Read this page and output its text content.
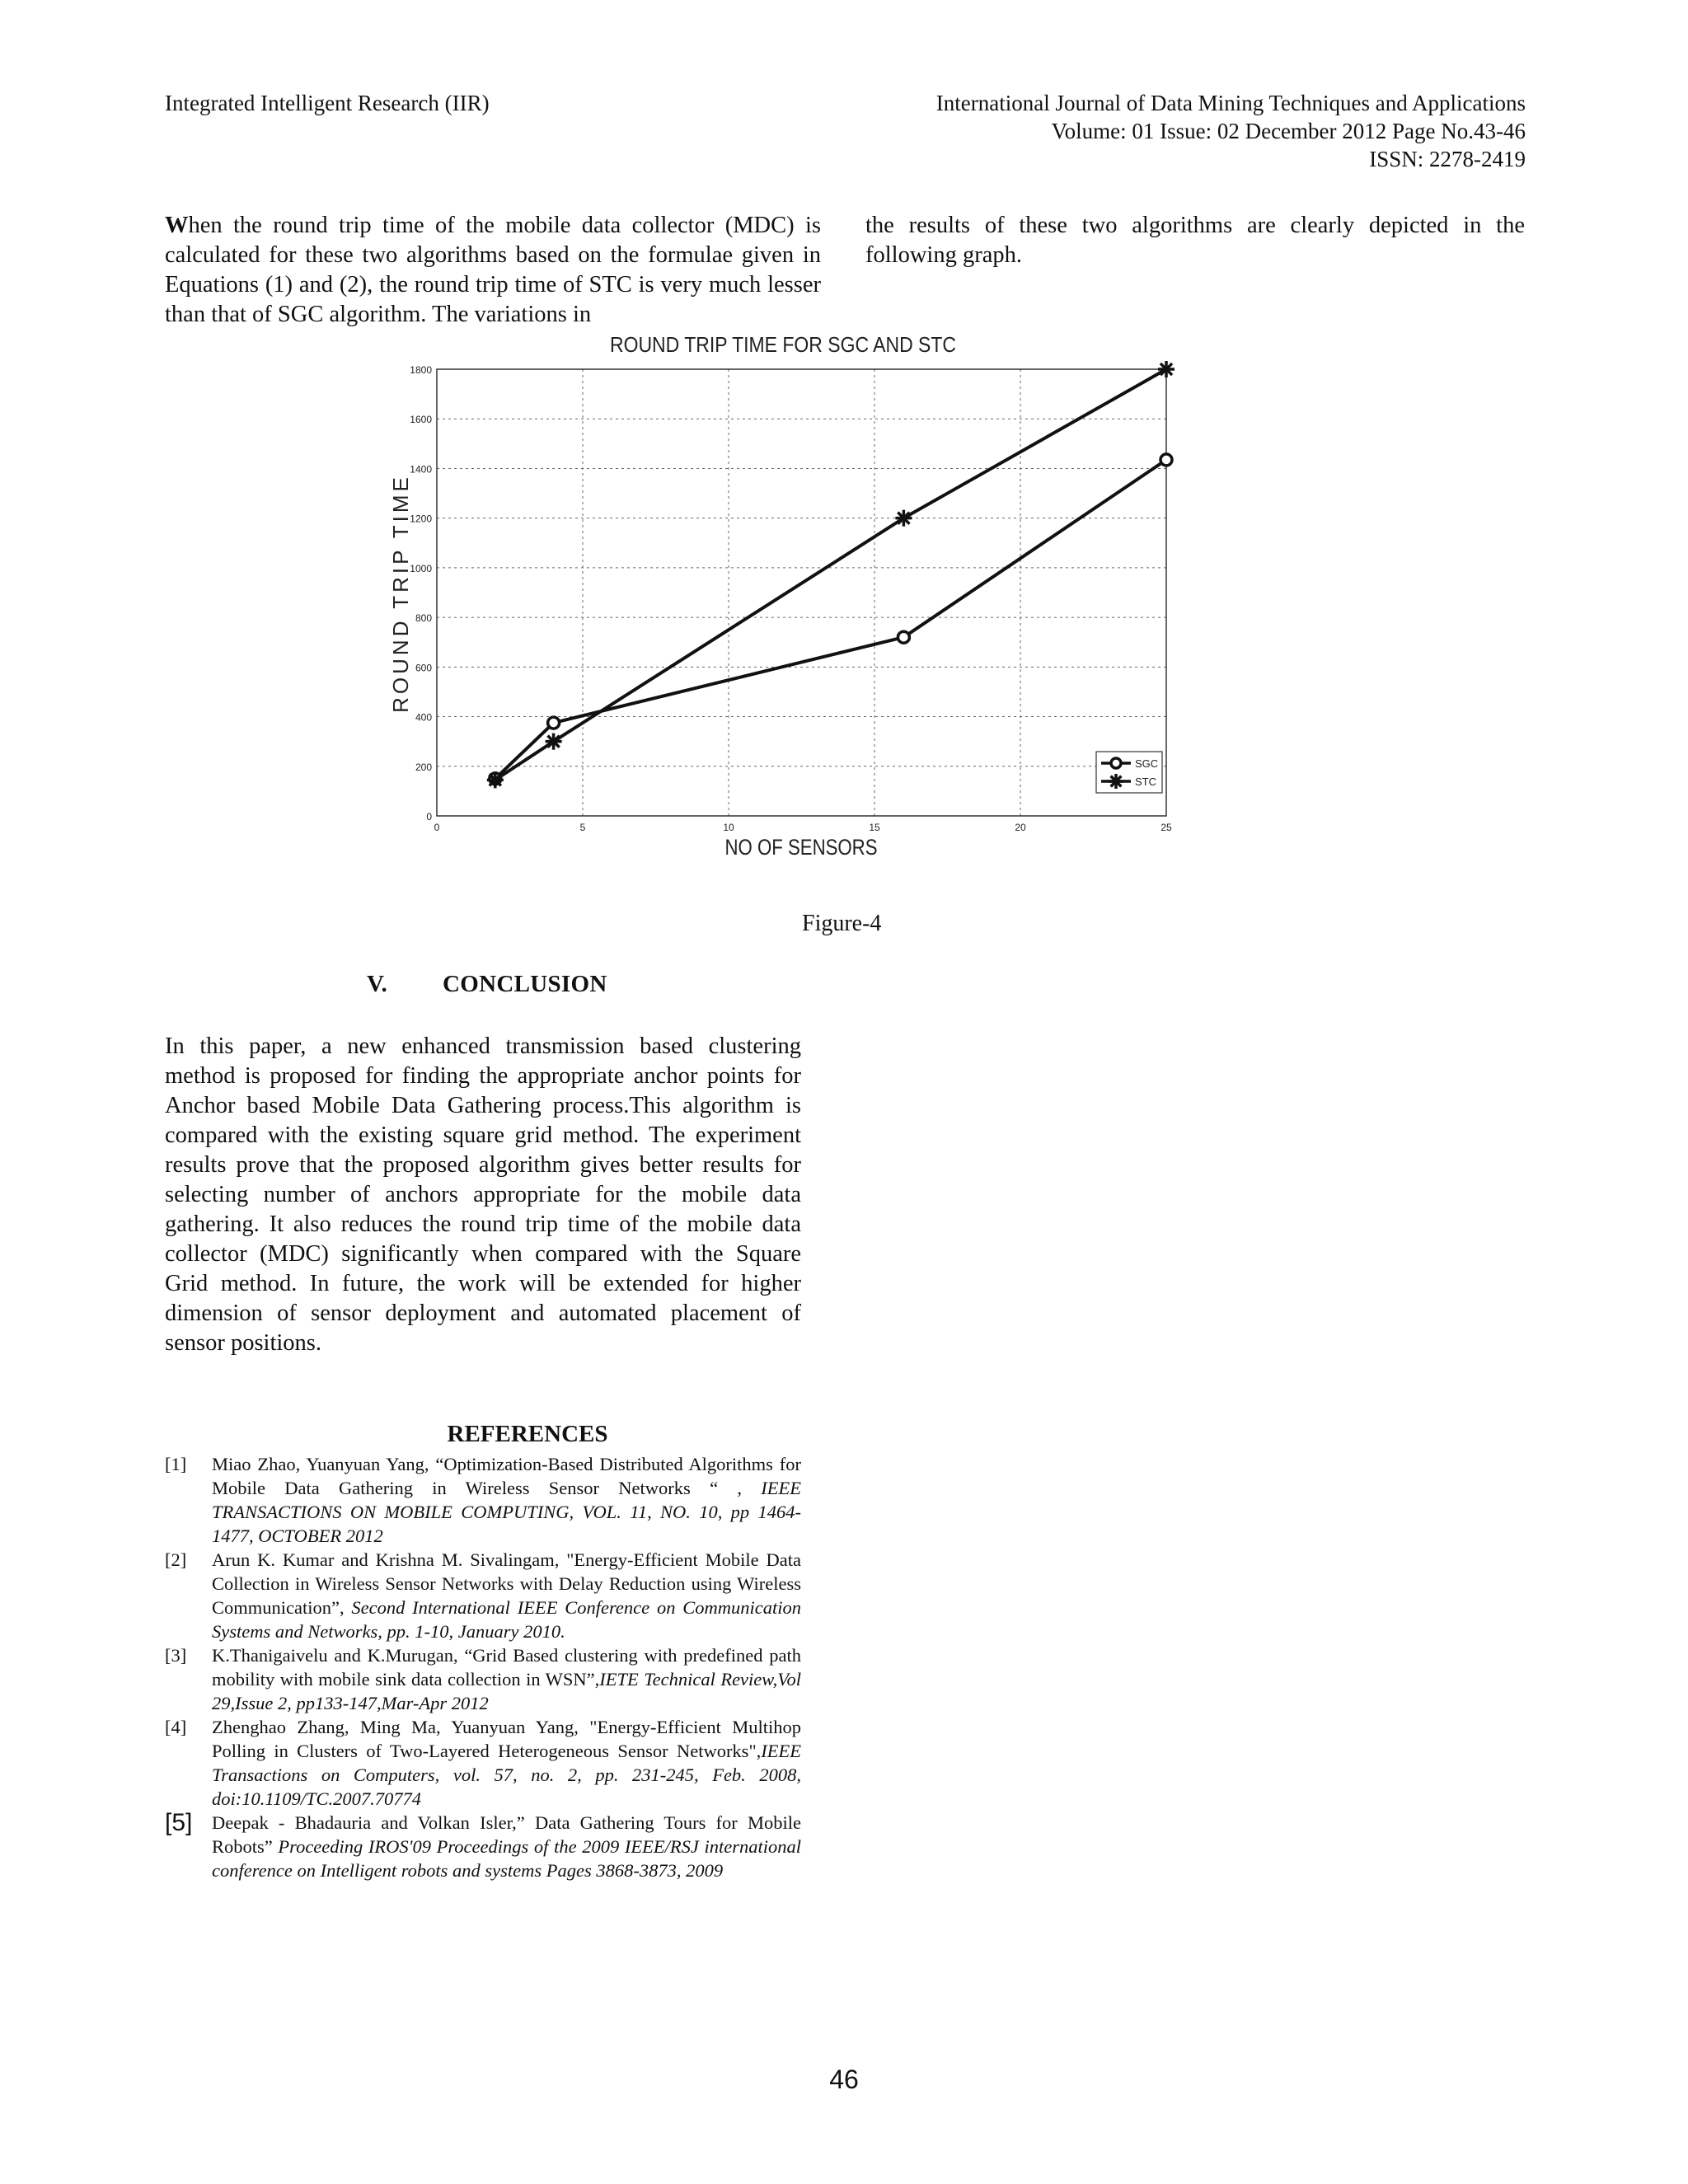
Integrated Intelligent Research (IIR)	International Journal of Data Mining Techniques and Applications
Volume: 01 Issue: 02 December 2012 Page No.43-46
ISSN: 2278-2419
When the round trip time of the mobile data collector (MDC) is calculated for these two algorithms based on the formulae given in Equations (1) and (2), the round trip time of STC is very much lesser than that of SGC algorithm. The variations in
the results of these two algorithms are clearly depicted in the following graph.
ROUND TRIP TIME FOR SGC AND STC
0
200
400
600
800
1000
1200
1400
1600
1800
0	5	10	15	20	25
SGC
STC
NO OF SENSORS
ROUND TRIP TIME
Figure-4
V. CONCLUSION
In this paper, a new enhanced transmission based clustering method is proposed for finding the appropriate anchor points for Anchor based Mobile Data Gathering process.This algorithm is compared with the existing square grid method. The experiment results prove that the proposed algorithm gives better results for selecting number of anchors appropriate for the mobile data gathering. It also reduces the round trip time of the mobile data collector (MDC) significantly when compared with the Square Grid method. In future, the work will be extended for higher dimension of sensor deployment and automated placement of sensor positions.
REFERENCES
[1]	Miao Zhao, Yuanyuan Yang, “Optimization-Based Distributed Algorithms for Mobile Data Gathering in Wireless Sensor Networks “ , IEEE TRANSACTIONS ON MOBILE COMPUTING, VOL. 11, NO. 10, pp 1464-1477, OCTOBER 2012
[2]	Arun K. Kumar and Krishna M. Sivalingam, "Energy-Efficient Mobile Data Collection in Wireless Sensor Networks with Delay Reduction using Wireless Communication”, Second International IEEE Conference on Communication Systems and Networks, pp. 1-10, January 2010.
[3]	K.Thanigaivelu and K.Murugan, “Grid Based clustering with predefined path mobility with mobile sink data collection in WSN”,IETE Technical Review,Vol 29,Issue 2, pp133-147,Mar-Apr 2012
[4]	Zhenghao Zhang, Ming Ma, Yuanyuan Yang, "Energy-Efficient Multihop Polling in Clusters of Two-Layered Heterogeneous Sensor Networks",IEEE Transactions on Computers, vol. 57, no. 2, pp. 231-245, Feb. 2008, doi:10.1109/TC.2007.70774
[5]	Deepak - Bhadauria and Volkan Isler,” Data Gathering Tours for Mobile Robots” Proceeding IROS'09 Proceedings of the 2009 IEEE/RSJ international conference on Intelligent robots and systems Pages 3868-3873, 2009
46
